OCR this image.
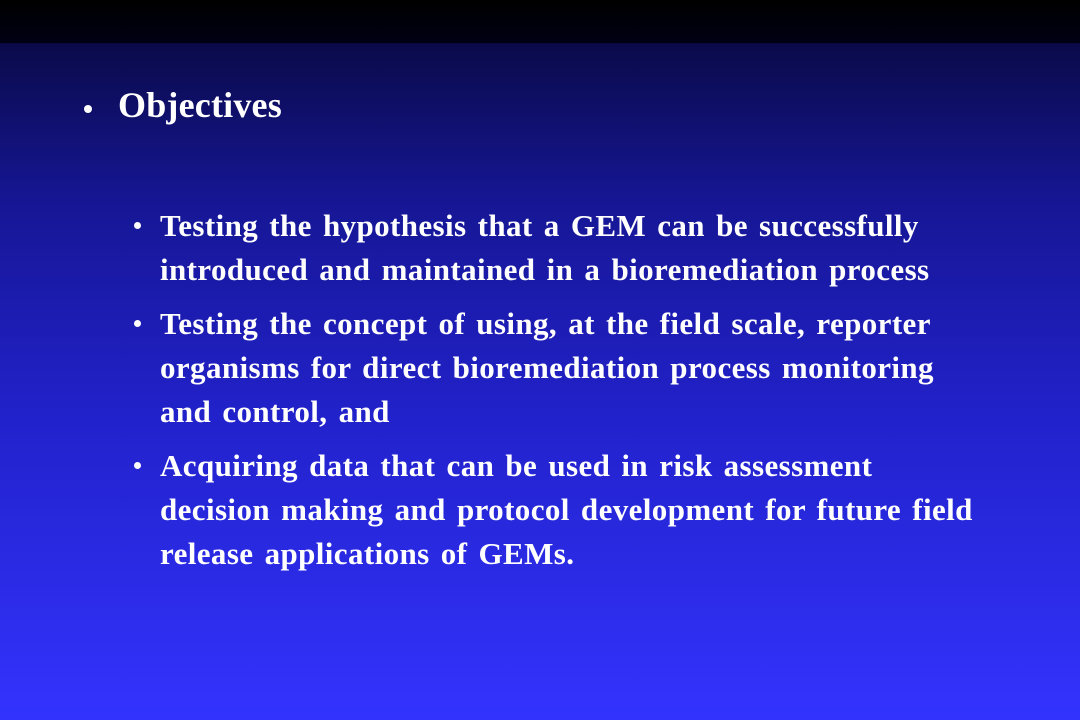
Objectives
Testing the hypothesis that a GEM can be successfully introduced and maintained in a bioremediation process
Testing the concept of using, at the field scale, reporter organisms for direct bioremediation process monitoring and control, and
Acquiring data that can be used in risk assessment decision making and protocol development for future field release applications of GEMs.
